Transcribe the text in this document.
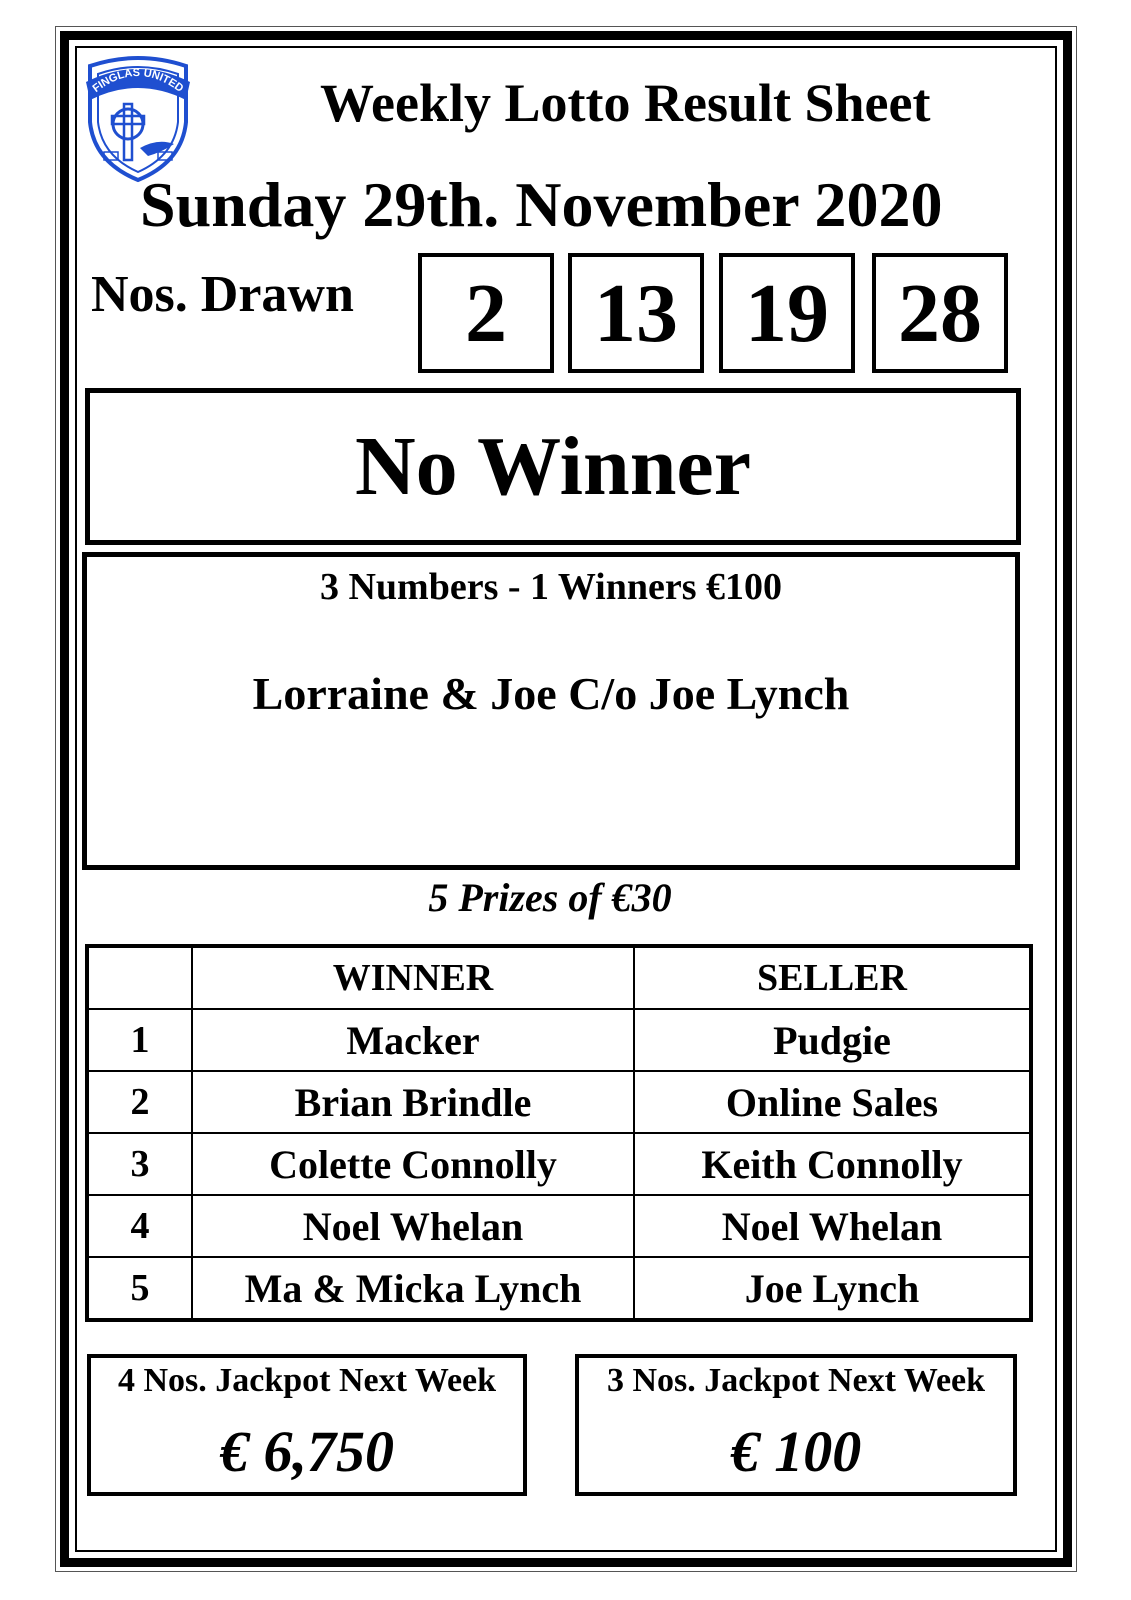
FINGLAS UNITED Weekly Lotto Result Sheet
Sunday 29th. November 2020
Nos. Drawn	2	13 19 28
No Winner
3 Numbers - 1 Winners €100
Lorraine & Joe C/o Joe Lynch
5 Prizes of €30
	WINNER	SELLER
1	Macker	Pudgie
2	Brian Brindle	Online Sales
3	Colette Connolly	Keith Connolly
4	Noel Whelan	Noel Whelan
5	Ma & Micka Lynch	Joe Lynch
4 Nos. Jackpot Next Week
€ 6,750
3 Nos. Jackpot Next Week
€ 100
